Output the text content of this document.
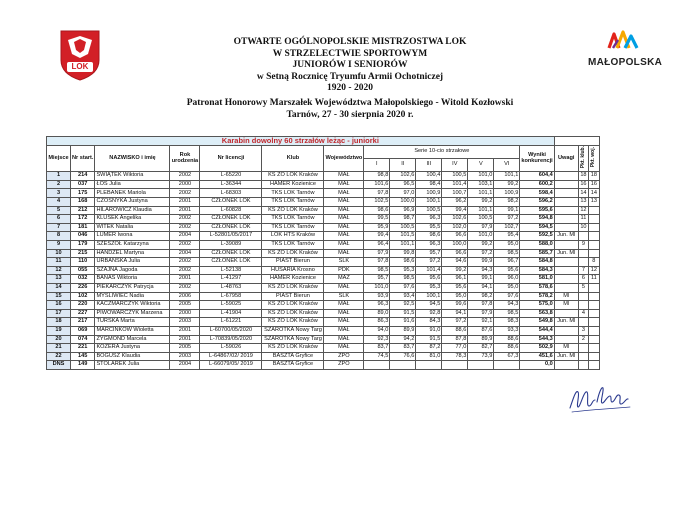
LOK	MAŁOPOLSKA
OTWARTE OGÓLNOPOLSKIE MISTRZOSTWA LOK
W STRZELECTWIE SPORTOWYM
JUNIORÓW I SENIORÓW
w Setną Rocznicę Tryumfu Armii Ochotniczej
1920 - 2020
Patronat Honorowy Marszałek Województwa Małopolskiego - Witold Kozłowski
Tarnów, 27 - 30 sierpnia 2020 r.
Karabin dowolny 60 strzałów leżąc - juniorki																
Miejsce	Nr start.	NAZWISKO i imię	Rok urodzenia	Nr licencji	Klub	Województwo	Serie 10-cio strzałowe						Wyniki konkurencji	Uwagi	Pkt. klub.	Pkt. woj.
							I	II	III	IV	V	VI				
1	214	ŚWIĄTEK Wiktoria	2002	L-65220	KS ZO LOK Kraków	MAŁ	98,8	102,6	100,4	100,5	101,0	101,1	604,4		18	18
2	037	ŁOŚ Julia	2000	L-36344	HAMER Kozienice	MAŁ	101,6	96,5	98,4	101,4	103,1	99,2	600,2		16	16
3	175	PLEBANEK Mariola	2002	L-68303	TKS LOK Tarnów	MAŁ	97,8	97,0	100,9	100,7	101,1	100,9	598,4		14	14
4	168	CZOSNYKA Justyna	2001	CZŁONEK LOK	TKS LOK Tarnów	MAŁ	102,5	100,0	100,1	96,2	99,2	98,2	596,2		13	13
5	212	HILAROWICZ Klaudia	2001	L-60828	KS ZO LOK Kraków	MAŁ	98,6	96,9	100,5	99,4	101,1	99,1	595,6		12	
6	172	KLUSEK Angelika	2002	CZŁONEK LOK	TKS LOK Tarnów	MAŁ	99,5	98,7	96,3	102,6	100,5	97,2	594,8		11	
7	181	WITEK Natalia	2002	CZŁONEK LOK	TKS LOK Tarnów	MAŁ	95,9	100,5	95,5	102,0	97,9	102,7	594,5		10	
8	046	LUMER Iwona	2004	L-52801/05/2017	LOK HTS Kraków	MAŁ	99,4	101,5	98,6	96,6	101,0	95,4	592,5	Jun. Ml		
9	179	SZESZOŁ Katarzyna	2002	L-39089	TKS LOK Tarnów	MAŁ	96,4	101,1	96,3	100,0	99,2	95,0	588,0		9	
10	215	HANDZEL Martyna	2004	CZŁONEK LOK	KS ZO LOK Kraków	MAŁ	97,9	99,8	95,7	96,6	97,2	98,5	585,7	Jun. Ml		
11	110	URBAŃSKA Julia	2002	CZŁONEK LOK	PIAST Bierun	ŚLK	97,8	98,6	97,2	94,6	99,9	96,7	584,8			8
12	055	SZAJNA Jagoda	2002	L-52138	HUSARIA Krosno	PDK	98,5	95,3	101,4	99,2	94,3	95,6	584,3		7	12
13	032	BANAŚ Wiktoria	2001	L-41297	HAMER Kozienice	MAZ	95,7	98,5	95,6	96,1	99,1	96,0	581,0		6	11
14	226	PIEKARCZYK Patrycja	2002	L-48763	KS ZO LOK Kraków	MAŁ	101,0	97,6	95,3	95,6	94,1	95,0	578,6		5	
15	102	MYŚLIWIEC Nadia	2006	L-67958	PIAST Bierun	ŚLK	93,9	93,4	100,1	95,0	98,2	97,6	578,2	Ml		
16	220	KACZMARCZYK Wiktoria	2005	L-59025	KS ZO LOK Kraków	MAŁ	96,3	92,5	94,5	99,6	97,8	94,3	575,0	Ml		
17	227	PIWOWARCZYK Marzena	2000	L-41904	KS ZO LOK Kraków	MAŁ	89,0	91,5	92,8	94,1	97,9	98,5	563,8		4	
18	217	TURSKA Marta	2003	L-61221	KS ZO LOK Kraków	MAŁ	86,3	91,6	84,3	97,2	92,1	98,3	549,8	Jun. Ml		
19	069	MARCINKÓW Wioletta	2001	L-60700/05/2020	SZAROTKA Nowy Targ	MAŁ	94,0	89,9	91,0	88,6	87,6	93,3	544,4		3	
20	074	ZYGMOND Marcela	2001	L-70839/05/2020	SZAROTKA Nowy Targ	MAŁ	92,3	94,2	91,5	87,8	89,9	88,6	544,3		2	
21	221	KOZERA Justyna	2005	L-59026	KS ZO LOK Kraków	MAŁ	83,7	83,7	87,2	77,0	82,7	88,6	502,9	Ml		
22	145	BOGUSZ Klaudia	2003	L-64867/02/ 2019	BASZTA Gryfice	ZPO	74,5	76,6	81,0	78,3	73,9	67,3	451,6	Jun. Ml		
DNS	149	STOLAREK Julia	2004	L-66079/05/ 2019	BASZTA Gryfice	ZPO							0,0			
